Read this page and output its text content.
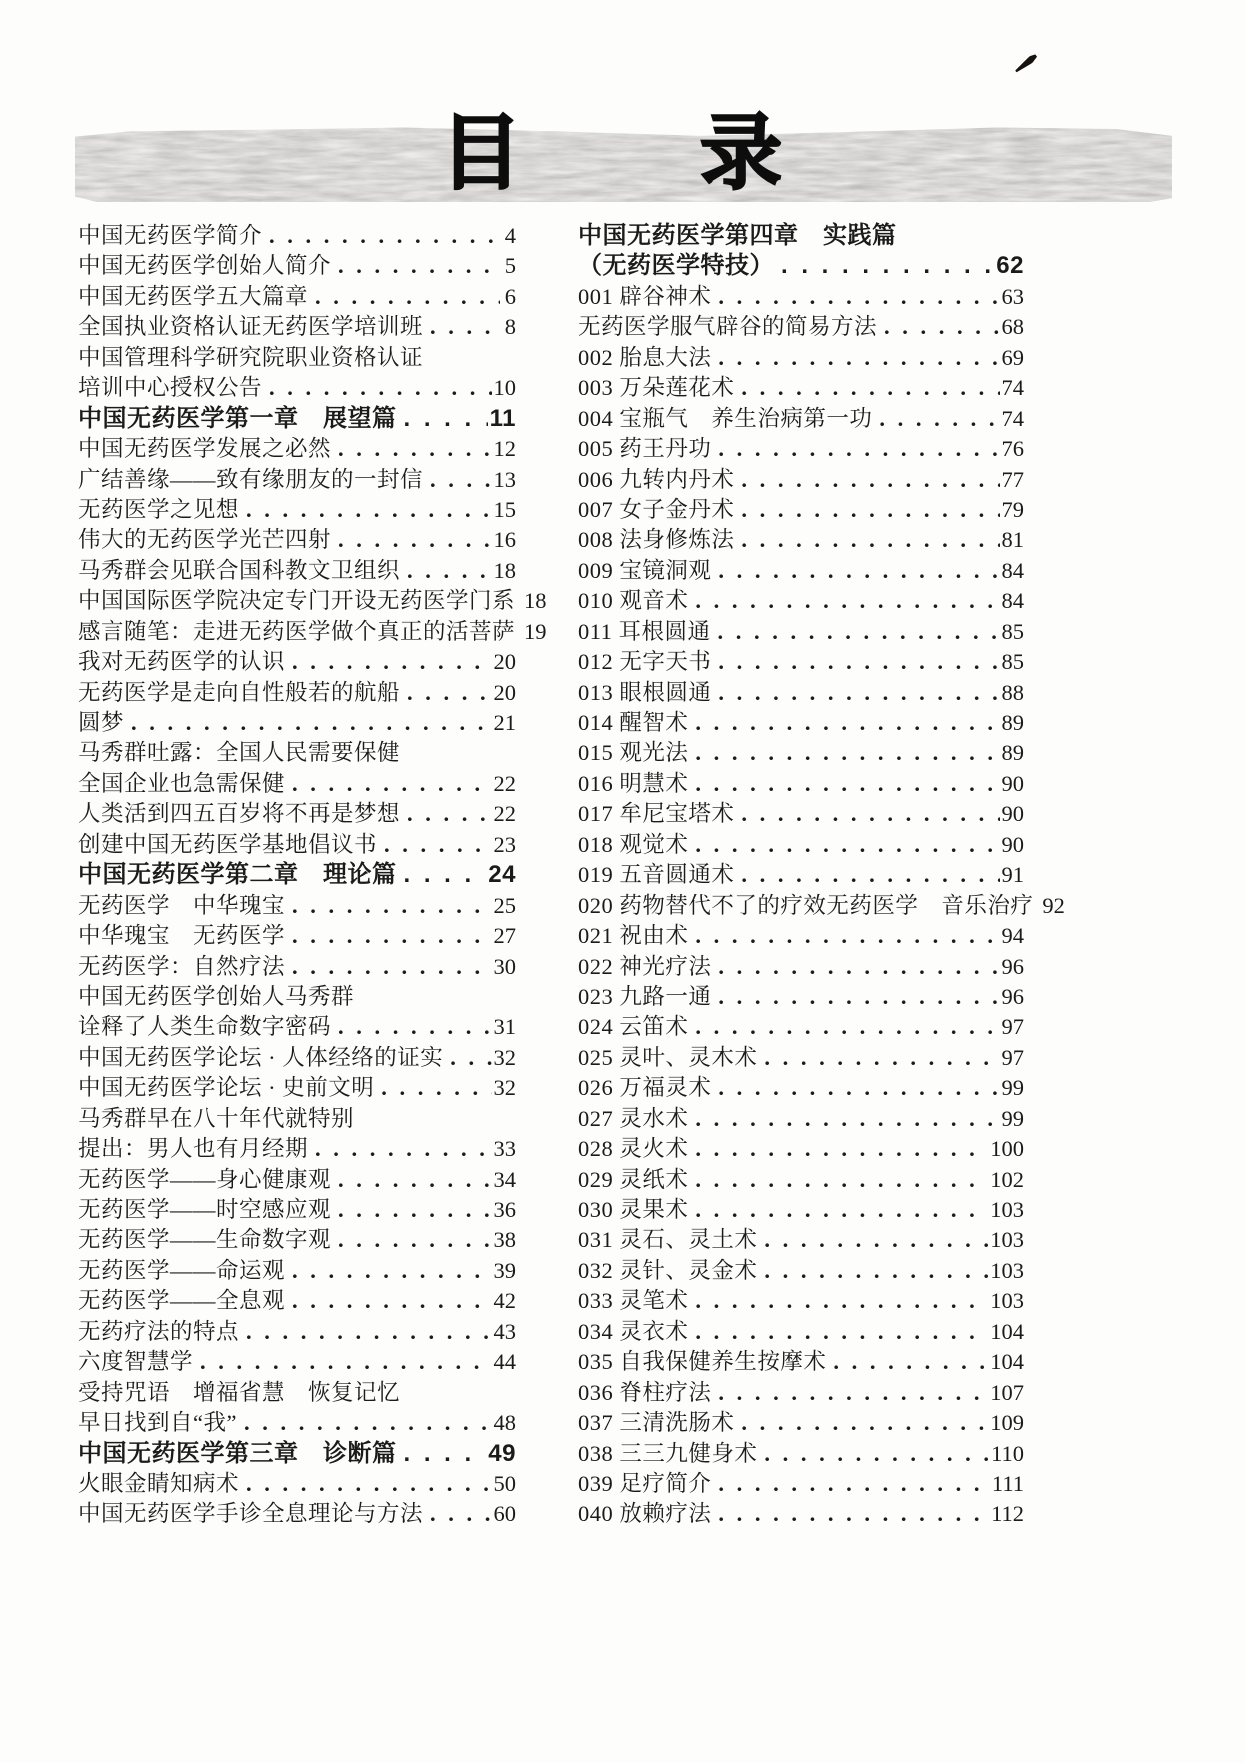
目　录
中国无药医学简介 . . .	4
中国无药医学创始人简介 . . .	5
中国无药医学五大篇章 . . .	6
全国执业资格认证无药医学培训班 . . .	8
中国管理科学研究院职业资格认证
培训中心授权公告 . . .	10
中国无药医学第一章　展望篇 . . .	11
中国无药医学发展之必然 . . .	12
广结善缘——致有缘朋友的一封信 . . .	13
无药医学之见想 . . .	15
伟大的无药医学光芒四射 . . .	16
马秀群会见联合国科教文卫组织 . . .	18
中国国际医学院决定专门开设无药医学门系 18
感言随笔：走进无药医学做个真正的活菩萨 19
我对无药医学的认识 . . .	20
无药医学是走向自性般若的航船 . . .	20
圆梦 . . .	21
马秀群吐露：全国人民需要保健
全国企业也急需保健 . . .	22
人类活到四五百岁将不再是梦想 . . .	22
创建中国无药医学基地倡议书 . . .	23
中国无药医学第二章　理论篇 . . .	24
无药医学　中华瑰宝 . . .	25
中华瑰宝　无药医学 . . .	27
无药医学：自然疗法 . . .	30
中国无药医学创始人马秀群
诠释了人类生命数字密码 . . .	31
中国无药医学论坛 · 人体经络的证实 . . . 32
中国无药医学论坛 · 史前文明 . . .	32
马秀群早在八十年代就特别
提出：男人也有月经期 . . .	33
无药医学——身心健康观 . . .	34
无药医学——时空感应观 . . .	36
无药医学——生命数字观 . . .	38
无药医学——命运观 . . .	39
无药医学——全息观 . . .	42
无药疗法的特点 . . .	43
六度智慧学 . . .	44
受持咒语　增福省慧　恢复记忆
早日找到自“我” . . .	48
中国无药医学第三章　诊断篇 . . .	49
火眼金睛知病术 . . .	50
中国无药医学手诊全息理论与方法 . . .	60
中国无药医学第四章　实践篇
（无药医学特技） . . .	62
001 辟谷神术 . . .	63
无药医学服气辟谷的简易方法 . . .	68
002 胎息大法 . . .	69
003 万朵莲花术 . . .	74
004 宝瓶气　养生治病第一功 . . .	74
005 药王丹功 . . .	76
006 九转内丹术 . . .	77
007 女子金丹术 . . .	79
008 法身修炼法 . . .	81
009 宝镜洞观 . . .	84
010 观音术 . . .	84
011 耳根圆通 . . .	85
012 无字天书 . . .	85
013 眼根圆通 . . .	88
014 醒智术 . . .	89
015 观光法 . . .	89
016 明慧术 . . .	90
017 牟尼宝塔术 . . .	90
018 观觉术 . . .	90
019 五音圆通术 . . .	91
020 药物替代不了的疗效无药医学　音乐治疗 92
021 祝由术 . . .	94
022 神光疗法 . . .	96
023 九路一通 . . .	96
024 云笛术 . . .	97
025 灵叶、灵木术 . . .	97
026 万福灵术 . . .	99
027 灵水术 . . .	99
028 灵火术 . . .	100
029 灵纸术 . . .	102
030 灵果术 . . .	103
031 灵石、灵土术 . . .	103
032 灵针、灵金术 . . .	103
033 灵笔术 . . .	103
034 灵衣术 . . .	104
035 自我保健养生按摩术 . . .	104
036 脊柱疗法 . . .	107
037 三清洗肠术 . . .	109
038 三三九健身术 . . .	110
039 足疗简介 . . .	111
040 放赖疗法 . . .	112
